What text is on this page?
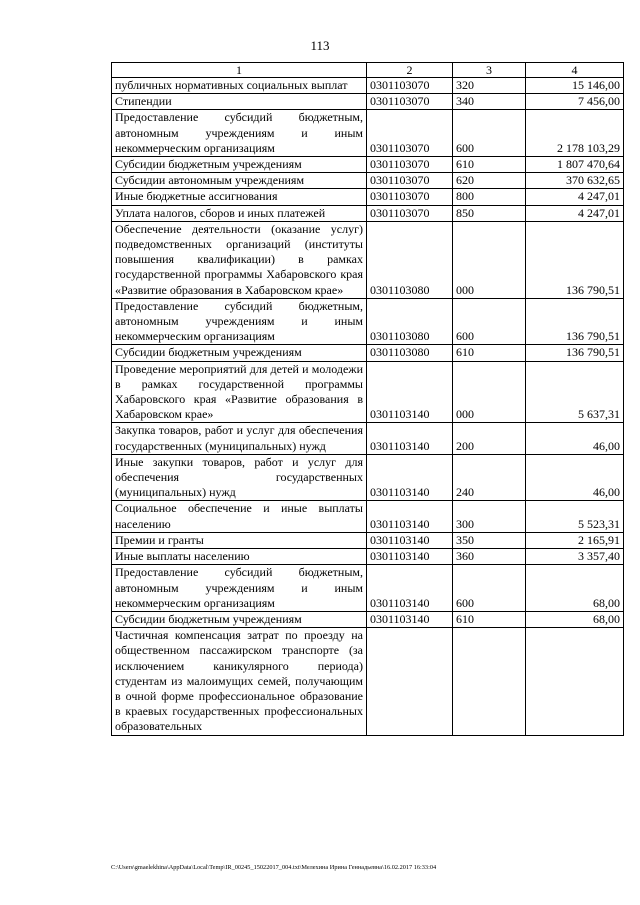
113
1	2	3	4
публичных нормативных социальных выплат	0301103070	320	15 146,00
Стипендии	0301103070	340	7 456,00
Предоставление субсидий бюджетным, автономным учреждениям и иным некоммерческим организациям	0301103070	600	2 178 103,29
Субсидии бюджетным учреждениям	0301103070	610	1 807 470,64
Субсидии автономным учреждениям	0301103070	620	370 632,65
Иные бюджетные ассигнования	0301103070	800	4 247,01
Уплата налогов, сборов и иных платежей	0301103070	850	4 247,01
Обеспечение деятельности (оказание услуг) подведомственных организаций (институты повышения квалификации) в рамках государственной программы Хабаровского края «Развитие образования в Хабаровском крае»	0301103080	000	136 790,51
Предоставление субсидий бюджетным, автономным учреждениям и иным некоммерческим организациям	0301103080	600	136 790,51
Субсидии бюджетным учреждениям	0301103080	610	136 790,51
Проведение мероприятий для детей и молодежи в рамках государственной программы Хабаровского края «Развитие образования в Хабаровском крае»	0301103140	000	5 637,31
Закупка товаров, работ и услуг для обеспечения государственных (муниципальных) нужд	0301103140	200	46,00
Иные закупки товаров, работ и услуг для обеспечения государственных (муниципальных) нужд	0301103140	240	46,00
Социальное обеспечение и иные выплаты населению	0301103140	300	5 523,31
Премии и гранты	0301103140	350	2 165,91
Иные выплаты населению	0301103140	360	3 357,40
Предоставление субсидий бюджетным, автономным учреждениям и иным некоммерческим организациям	0301103140	600	68,00
Субсидии бюджетным учреждениям	0301103140	610	68,00
Частичная компенсация затрат по проезду на общественном пассажирском транспорте (за исключением каникулярного периода) студентам из малоимущих семей, получающим в очной форме профессиональное образование в краевых государственных профессиональных образовательных			
C:\Users\gmaelekhina\AppData\Local\Temp\IR_00245_15022017_004.txt\Мелехина Ирина Геннадьевна\16.02.2017 16:33:04
